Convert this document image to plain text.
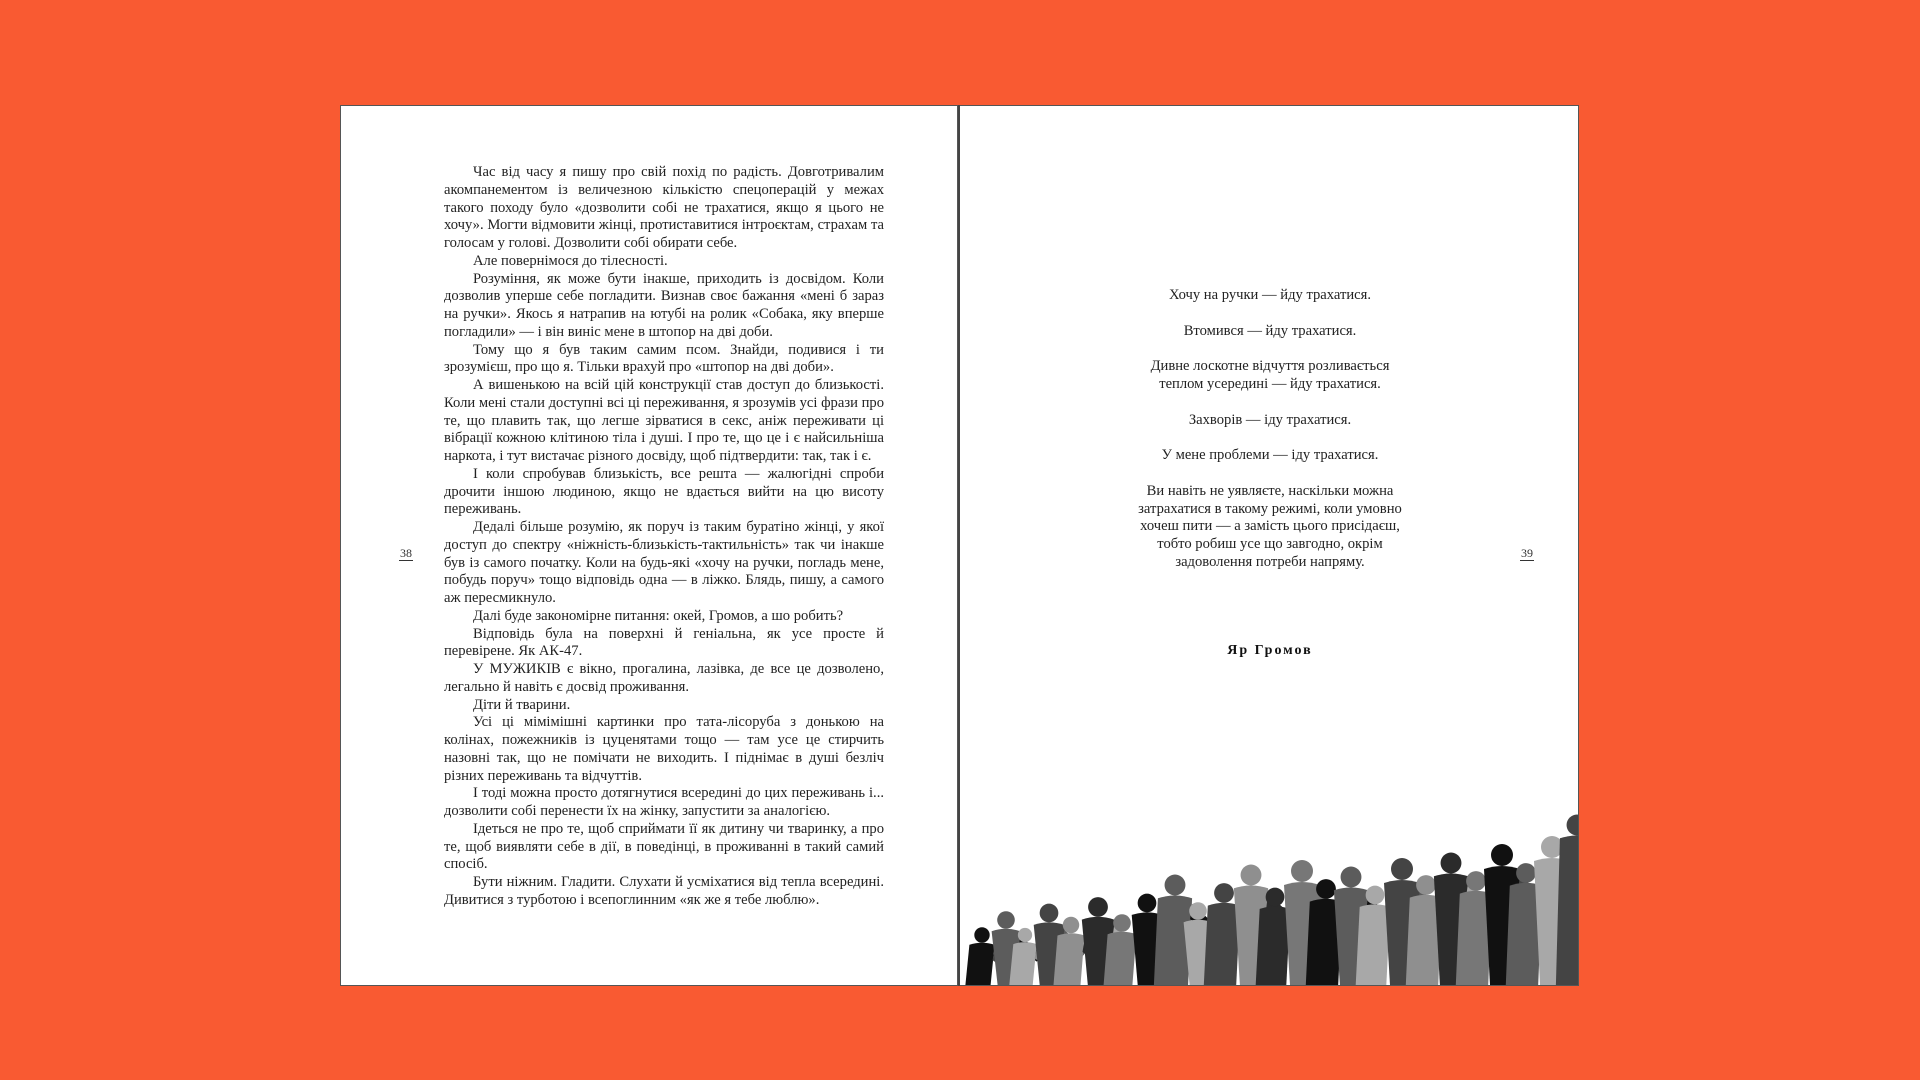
Час від часу я пишу про свій похід по радість. Довготривалим акомпанементом із величезною кількістю спецоперацій у межах такого походу було «дозволити собі не трахатися, якщо я цього не хочу». Могти відмовити жінці, протиставитися інтроєктам, страхам та голосам у голові. Дозволити собі обирати себе.

Але повернімося до тілесності.

Розуміння, як може бути інакше, приходить із досвідом. Коли дозволив уперше себе погладити. Визнав своє бажання «мені б зараз на ручки». Якось я натрапив на ютубі на ролик «Собака, яку вперше погладили» — і він виніс мене в штопор на дві доби.

Тому що я був таким самим псом. Знайди, подивися і ти зрозумієш, про що я. Тільки врахуй про «штопор на дві доби».

А вишенькою на всій цій конструкції став доступ до близькості. Коли мені стали доступні всі ці переживання, я зрозумів усі фрази про те, що плавить так, що легше зірватися в секс, аніж переживати ці вібрації кожною клітиною тіла і душі. І про те, що це і є найсильніша наркота, і тут вистачає різного досвіду, щоб підтвердити: так, так і є.

І коли спробував близькість, все решта — жалюгідні спроби дрочити іншою людиною, якщо не вдається вийти на цю висоту переживань.

Дедалі більше розумію, як поруч із таким буратіно жінці, у якої доступ до спектру «ніжність-близькість-тактильність» так чи інакше був із самого початку. Коли на будь-які «хочу на ручки, погладь мене, побудь поруч» тощо відповідь одна — в ліжко. Блядь, пишу, а самого аж пересмикнуло.

Далі буде закономірне питання: окей, Громов, а шо робить?

Відповідь була на поверхні й геніальна, як усе просте й перевірене. Як АК-47.

У МУЖИКІВ є вікно, прогалина, лазівка, де все це дозволено, легально й навіть є досвід проживання.

Діти й тварини.

Усі ці мімімішні картинки про тата-лісоруба з донькою на колінах, пожежників із цуценятами тощо — там усе це стирчить назовні так, що не помічати не виходить. І піднімає в душі безліч різних переживань та відчуттів.

І тоді можна просто дотягнутися всередині до цих переживань і... дозволити собі перенести їх на жінку, запустити за аналогією.

Ідеться не про те, щоб сприймати її як дитину чи тваринку, а про те, щоб виявляти себе в дії, в поведінці, в проживанні в такий самий спосіб.

Бути ніжним. Гладити. Слухати й усміхатися від тепла всередині. Дивитися з турботою і всепоглинним «як же я тебе люблю».

38
Хочу на ручки — йду трахатися.
Втомився — йду трахатися.
Дивне лоскотне відчуття розливається
теплом усередині — йду трахатися.
Захворів — іду трахатися.
У мене проблеми — іду трахатися.
Ви навіть не уявляєте, наскільки можна
затрахатися в такому режимі, коли умовно
хочеш пити — а замість цього присідаєш,
тобто робиш усе що завгодно, окрім
задоволення потреби напряму.
Яр Громов
39
